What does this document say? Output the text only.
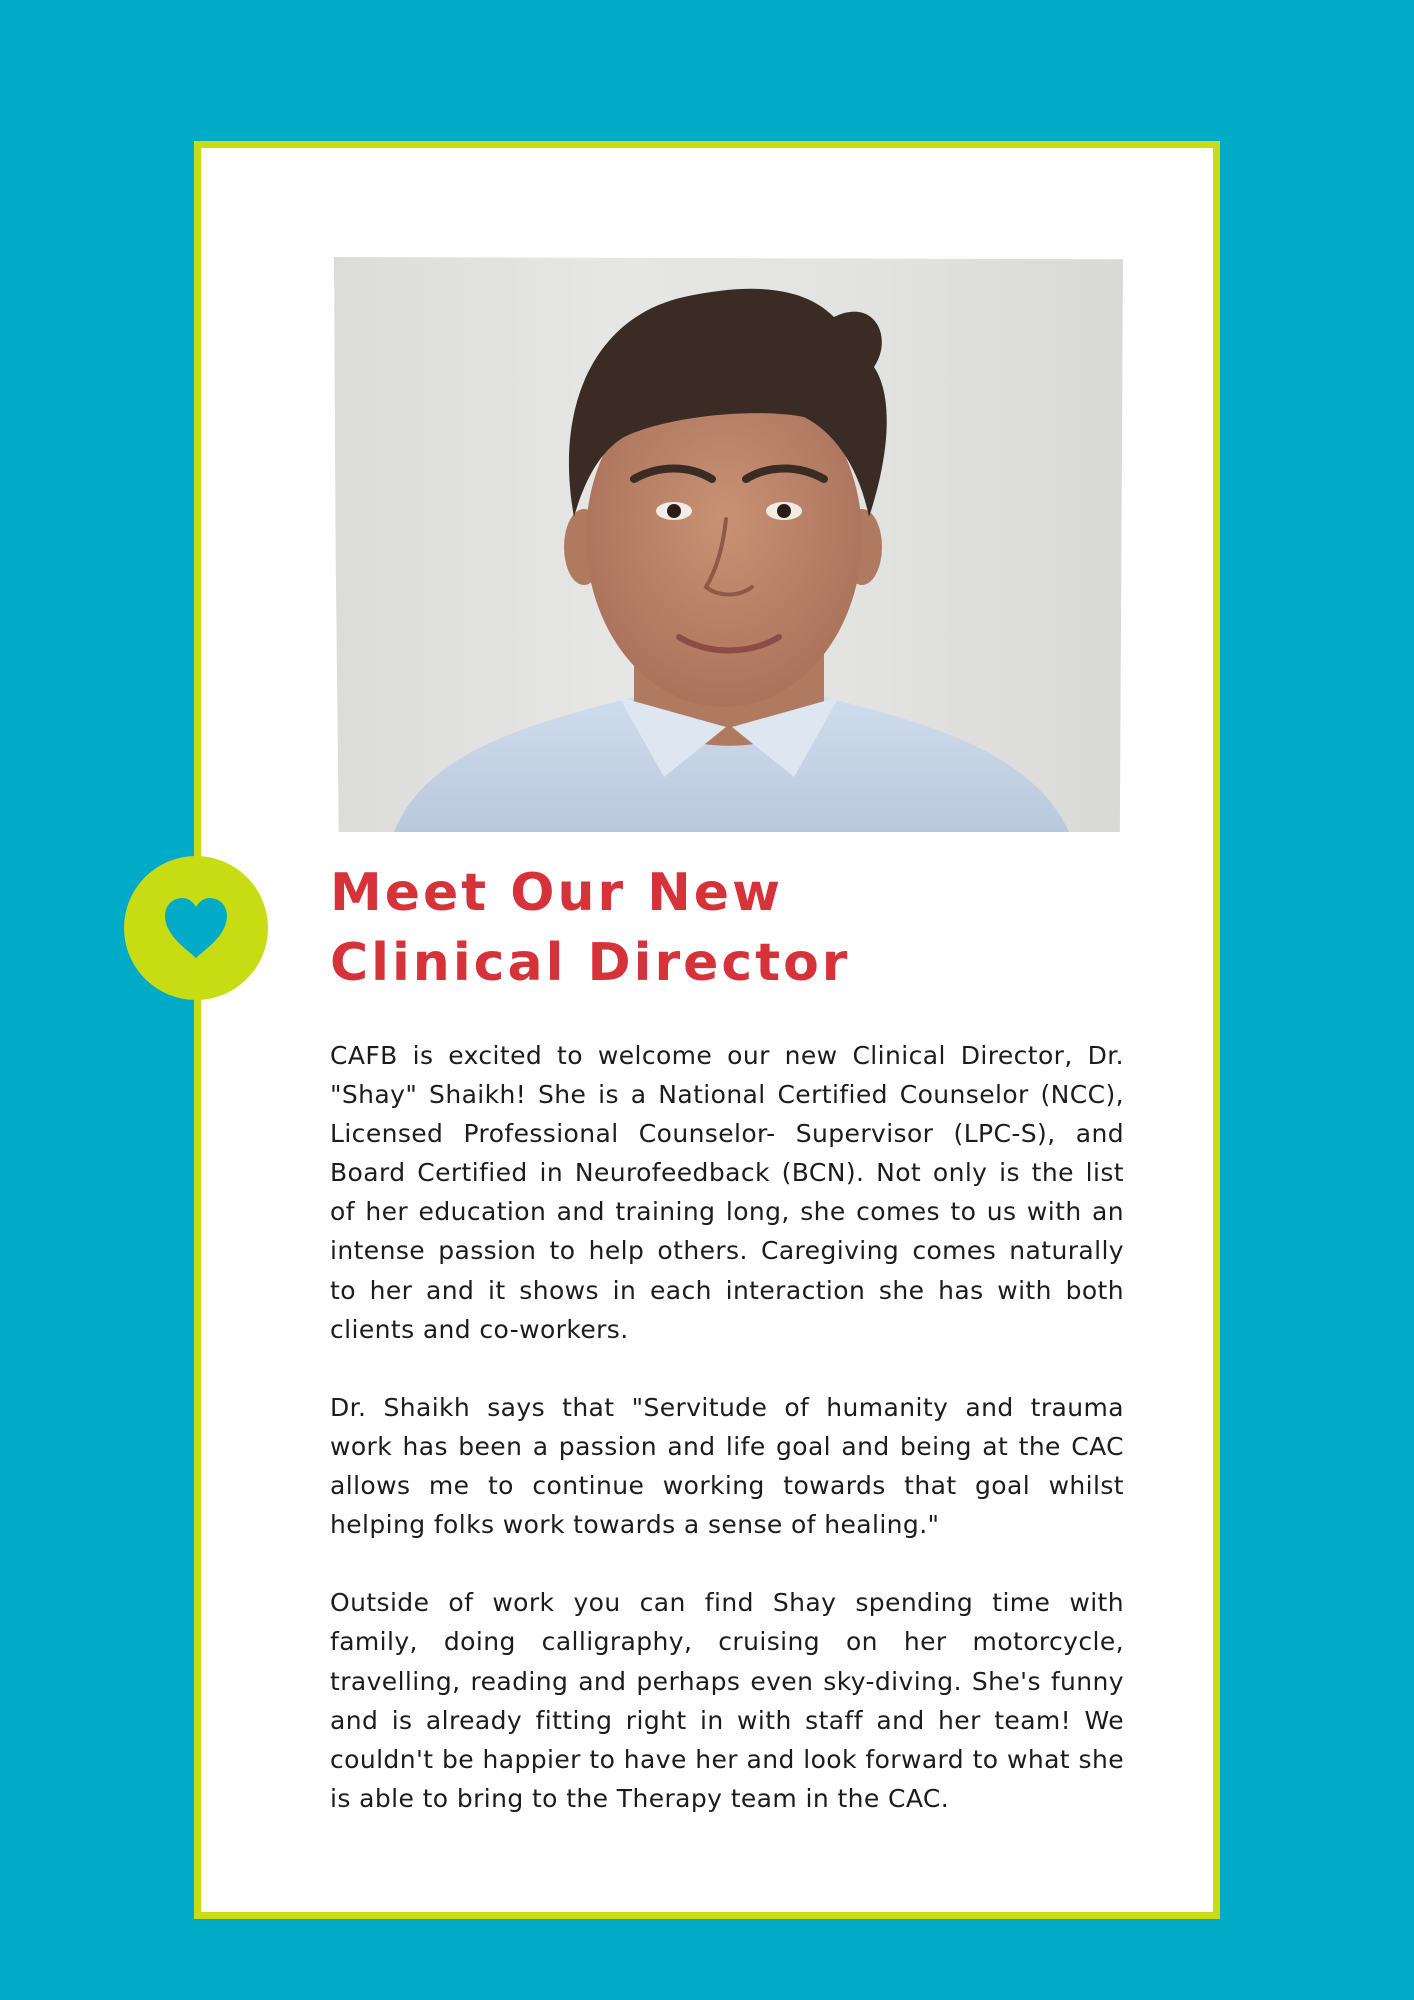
Meet Our New
Clinical Director

CAFB is excited to welcome our new Clinical Director, Dr. "Shay" Shaikh! She is a National Certified Counselor (NCC), Licensed Professional Counselor- Supervisor (LPC-S), and Board Certified in Neurofeedback (BCN). Not only is the list of her education and training long, she comes to us with an intense passion to help others. Caregiving comes naturally to her and it shows in each interaction she has with both clients and co-workers.

Dr. Shaikh says that "Servitude of humanity and trauma work has been a passion and life goal and being at the CAC allows me to continue working towards that goal whilst helping folks work towards a sense of healing."

Outside of work you can find Shay spending time with family, doing calligraphy, cruising on her motorcycle, travelling, reading and perhaps even sky-diving. She's funny and is already fitting right in with staff and her team! We couldn't be happier to have her and look forward to what she is able to bring to the Therapy team in the CAC.
